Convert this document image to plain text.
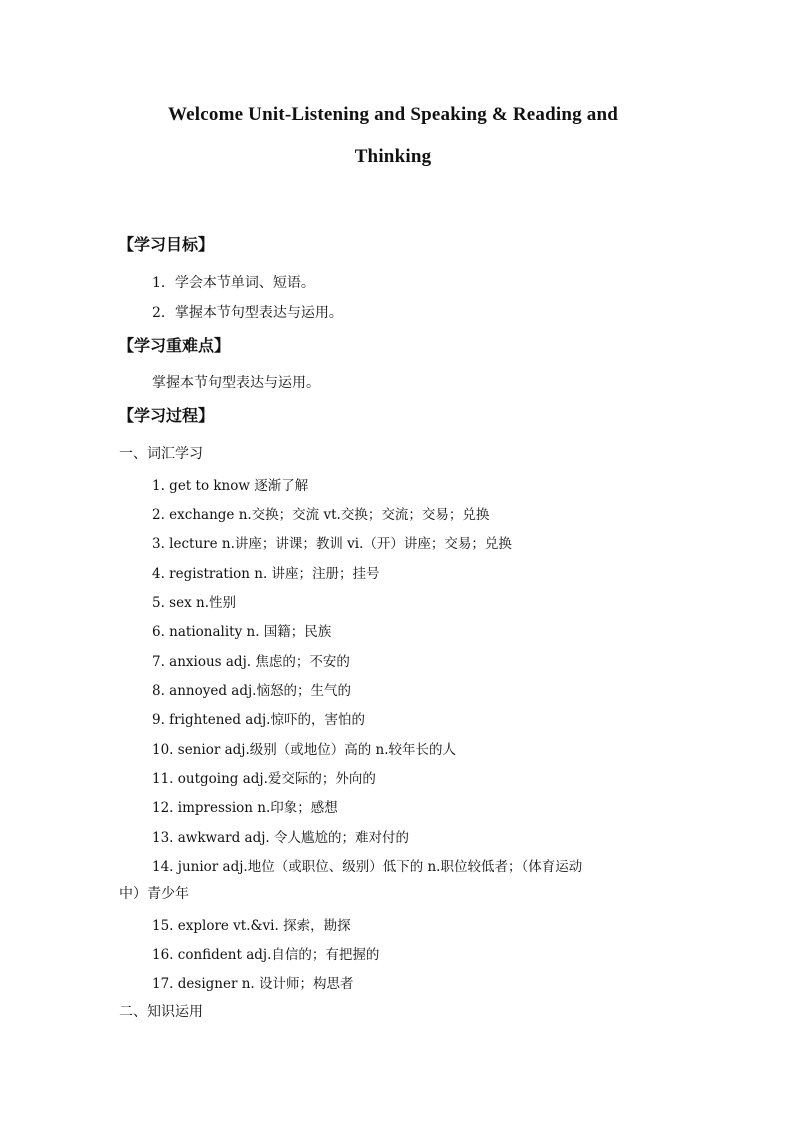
Welcome Unit-Listening and Speaking & Reading and
Thinking
【学习目标】
1．学会本节单词、短语。
2．掌握本节句型表达与运用。
【学习重难点】
掌握本节句型表达与运用。
【学习过程】
一、词汇学习
1. get to know 逐渐了解
2. exchange n.交换；交流 vt.交换；交流；交易；兑换
3. lecture n.讲座；讲课；教训 vi.（开）讲座；交易；兑换
4. registration n. 讲座；注册；挂号
5. sex n.性别
6. nationality n. 国籍；民族
7. anxious adj. 焦虑的；不安的
8. annoyed adj.恼怒的；生气的
9. frightened adj.惊吓的，害怕的
10. senior adj.级别（或地位）高的 n.较年长的人
11. outgoing adj.爱交际的；外向的
12. impression n.印象；感想
13. awkward adj. 令人尴尬的；难对付的
14. junior adj.地位（或职位、级别）低下的 n.职位较低者；（体育运动
中）青少年
15. explore vt.&vi. 探索，勘探
16. confident adj.自信的；有把握的
17. designer n. 设计师；构思者
二、知识运用
